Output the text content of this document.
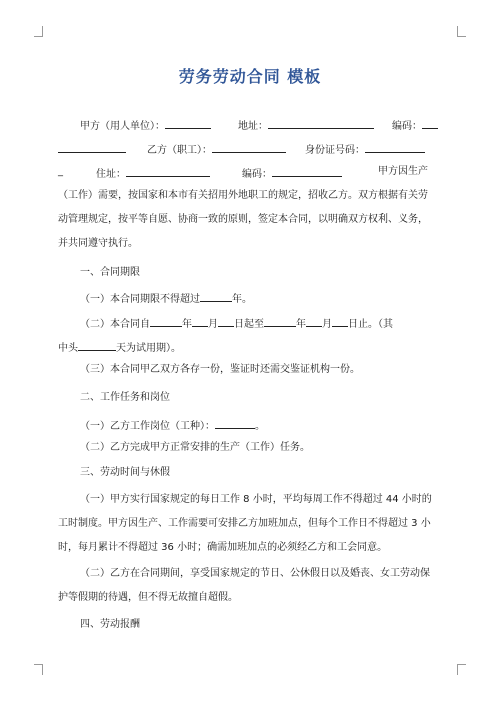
劳务劳动合同 模板
甲方（用人单位）：	地址：	编码：
乙方（职工）：	身份证号码：
_	住址：	编码：	甲方因生产
（工作）需要，按国家和本市有关招用外地职工的规定，招收乙方。双方根据有关劳
动管理规定，按平等自愿、协商一致的原则，签定本合同，以明确双方权利、义务，
并共同遵守执行。
一、合同期限
（一）本合同期限不得超过	年。
（二）本合同自	年 月 日起至	年 月 日止。（其
中头	天为试用期）。
（三）本合同甲乙双方各存一份，鉴证时还需交鉴证机构一份。
二、工作任务和岗位
（一）乙方工作岗位（工种）：	。
（二）乙方完成甲方正常安排的生产（工作）任务。
三、劳动时间与休假
（一）甲方实行国家规定的每日工作 8 小时，平均每周工作不得超过 44 小时的
工时制度。甲方因生产、工作需要可安排乙方加班加点，但每个工作日不得超过 3 小
时，每月累计不得超过 36 小时；确需加班加点的必须经乙方和工会同意。
（二）乙方在合同期间，享受国家规定的节日、公休假日以及婚丧、女工劳动保
护等假期的待遇，但不得无故擅自超假。
四、劳动报酬
